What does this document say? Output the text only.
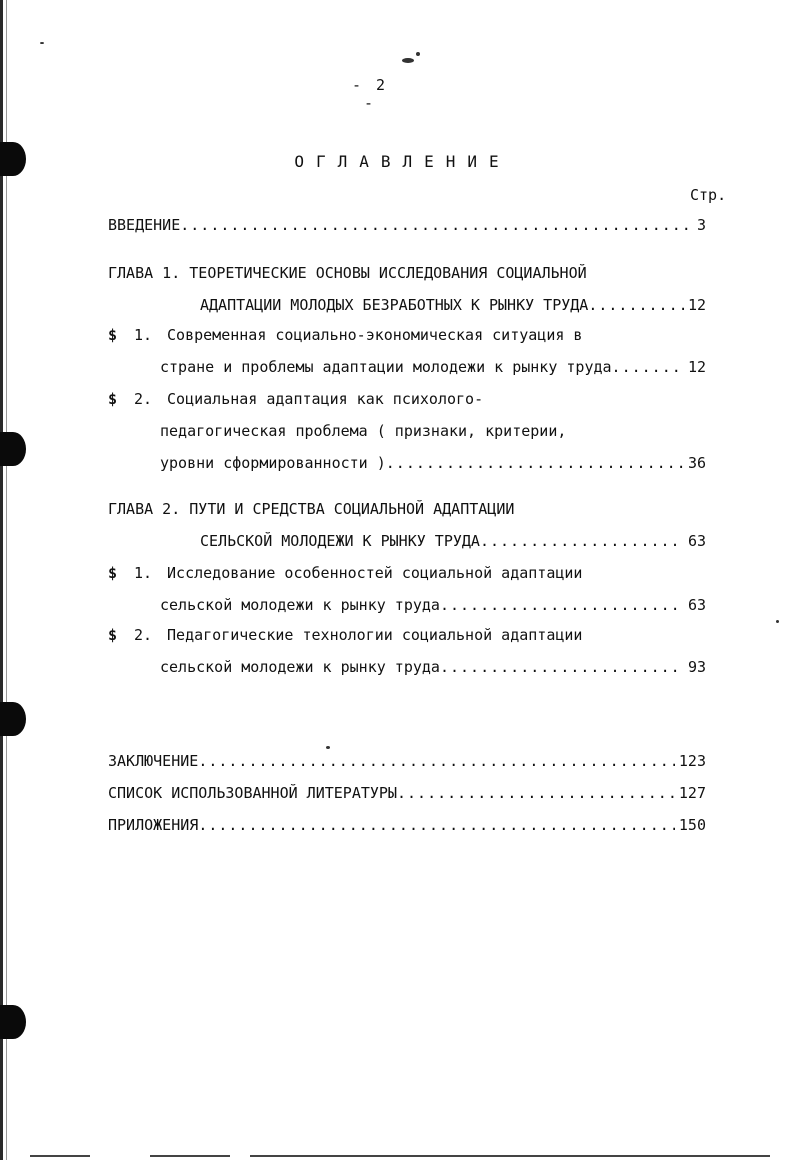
- 2 -
ОГЛАВЛЕНИЕ
Стр.
ВВЕДЕНИЕ .....	3
ГЛАВА 1. ТЕОРЕТИЧЕСКИЕ ОСНОВЫ ИССЛЕДОВАНИЯ СОЦИАЛЬНОЙ
АДАПТАЦИИ МОЛОДЫХ БЕЗРАБОТНЫХ К РЫНКУ ТРУДА .....	12
$ 1. Современная социально-экономическая ситуация в
стране и проблемы адаптации молодежи к рынку труда .....	12
$ 2. Социальная адаптация как психолого-
педагогическая проблема ( признаки, критерии,
уровни сформированности ) .....	36
ГЛАВА 2. ПУТИ И СРЕДСТВА СОЦИАЛЬНОЙ АДАПТАЦИИ
СЕЛЬСКОЙ МОЛОДЕЖИ К РЫНКУ ТРУДА .....	63
$ 1. Исследование особенностей социальной адаптации
сельской молодежи к рынку труда .....	63
$ 2. Педагогические технологии социальной адаптации
сельской молодежи к рынку труда .....	93
ЗАКЛЮЧЕНИЕ .....	123
СПИСОК ИСПОЛЬЗОВАННОЙ ЛИТЕРАТУРЫ .....	127
ПРИЛОЖЕНИЯ .....	150
